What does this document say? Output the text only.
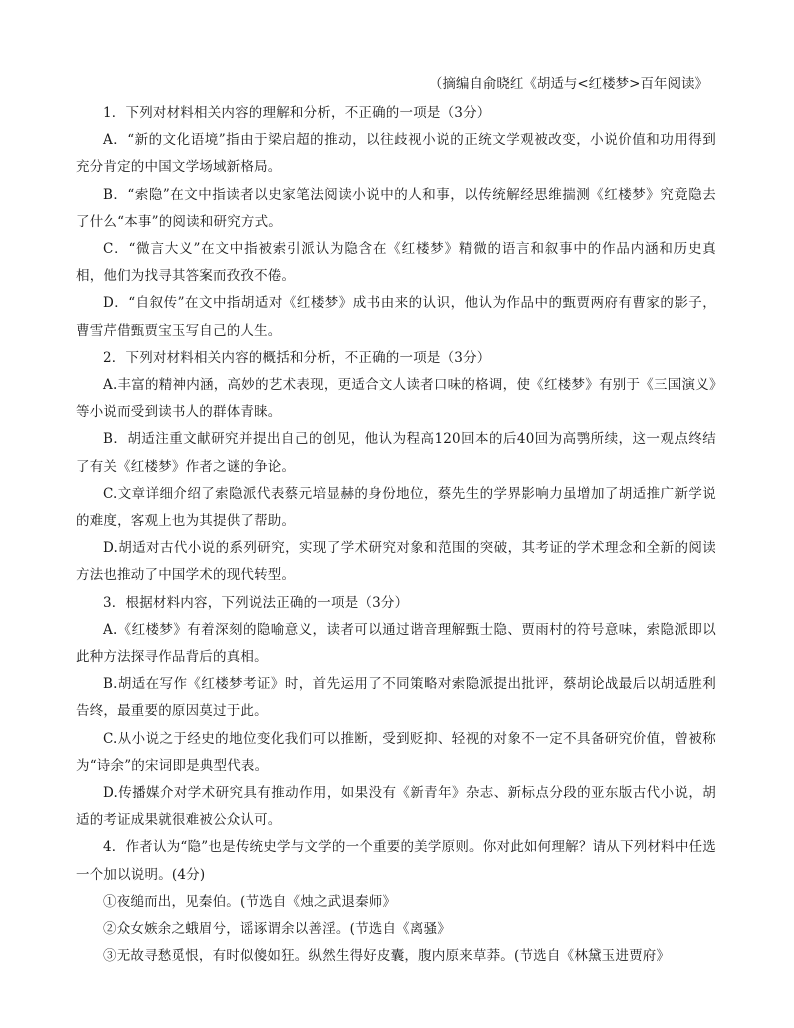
（摘编自俞晓红《胡适与<红楼梦>百年阅读》

1．下列对材料相关内容的理解和分析，不正确的一项是（3分）

A．“新的文化语境”指由于梁启超的推动，以往歧视小说的正统文学观被改变，小说价值和功用得到充分肯定的中国文学场域新格局。

B．“索隐”在文中指读者以史家笔法阅读小说中的人和事，以传统解经思维揣测《红楼梦》究竟隐去了什么“本事”的阅读和研究方式。

C．“微言大义”在文中指被索引派认为隐含在《红楼梦》精微的语言和叙事中的作品内涵和历史真相，他们为找寻其答案而孜孜不倦。

D．“自叙传”在文中指胡适对《红楼梦》成书由来的认识，他认为作品中的甄贾两府有曹家的影子，曹雪芹借甄贾宝玉写自己的人生。

2．下列对材料相关内容的概括和分析，不正确的一项是（3分）

A.丰富的精神内涵，高妙的艺术表现，更适合文人读者口味的格调，使《红楼梦》有别于《三国演义》等小说而受到读书人的群体青睐。

B．胡适注重文献研究并提出自己的创见，他认为程高120回本的后40回为高鹗所续，这一观点终结了有关《红楼梦》作者之谜的争论。

C.文章详细介绍了索隐派代表蔡元培显赫的身份地位，蔡先生的学界影响力虽增加了胡适推广新学说的难度，客观上也为其提供了帮助。

D.胡适对古代小说的系列研究，实现了学术研究对象和范围的突破，其考证的学术理念和全新的阅读方法也推动了中国学术的现代转型。

3．根据材料内容，下列说法正确的一项是（3分）

A.《红楼梦》有着深刻的隐喻意义，读者可以通过谐音理解甄士隐、贾雨村的符号意味，索隐派即以此种方法探寻作品背后的真相。

B.胡适在写作《红楼梦考证》时，首先运用了不同策略对索隐派提出批评，蔡胡论战最后以胡适胜利告终，最重要的原因莫过于此。

C.从小说之于经史的地位变化我们可以推断，受到贬抑、轻视的对象不一定不具备研究价值，曾被称为“诗余”的宋词即是典型代表。

D.传播媒介对学术研究具有推动作用，如果没有《新青年》杂志、新标点分段的亚东版古代小说，胡适的考证成果就很难被公众认可。

4．作者认为“隐”也是传统史学与文学的一个重要的美学原则。你对此如何理解？请从下列材料中任选一个加以说明。(4分)

①夜缒而出，见秦伯。(节选自《烛之武退秦师》

②众女嫉余之蛾眉兮，谣诼谓余以善淫。(节选自《离骚》

③无故寻愁觅恨，有时似傻如狂。纵然生得好皮囊，腹内原来草莽。(节选自《林黛玉进贾府》
